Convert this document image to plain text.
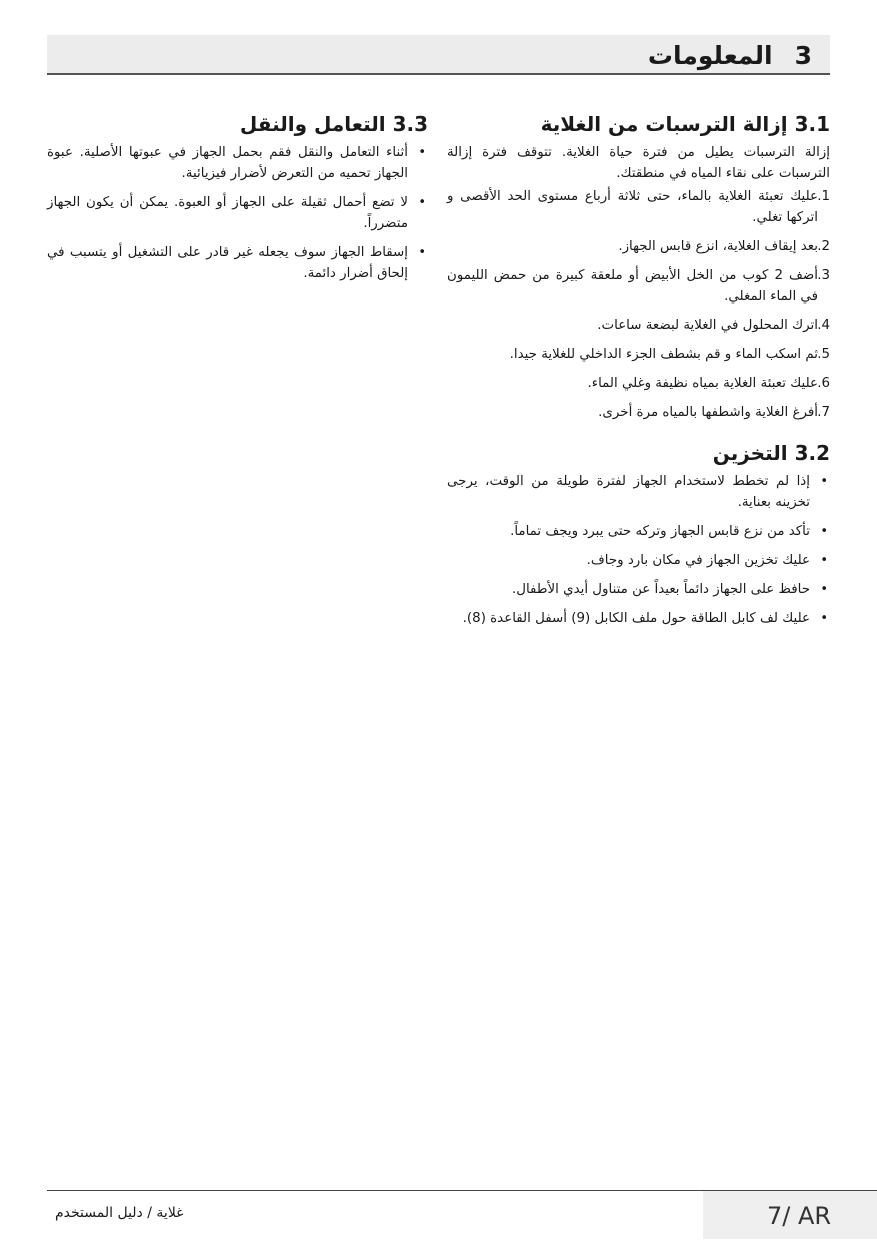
3المعلومات
3.1 إزالة الترسبات من الغلاية

إزالة الترسبات يطيل من فترة حياة الغلاية. تتوقف فترة إزالة الترسبات على نقاء المياه في منطقتك.

1.
عليك تعبئة الغلاية بالماء، حتى ثلاثة أرباع مستوى الحد الأقصى و اتركها تغلي.
2.
بعد إيقاف الغلاية، انزع قابس الجهاز.
3.
أضف 2 كوب من الخل الأبيض أو ملعقة كبيرة من حمض الليمون في الماء المغلي.
4.
اترك المحلول في الغلاية لبضعة ساعات.
5.
ثم اسكب الماء و قم بشطف الجزء الداخلي للغلاية جيدا.
6.
عليك تعبئة الغلاية بمياه نظيفة وغلي الماء.
7.
أفرغ الغلاية واشطفها بالمياه مرة أخرى.
3.2 التخزين
• إذا لم تخطط لاستخدام الجهاز لفترة طويلة من الوقت، يرجى تخزينه بعناية.
• تأكد من نزع قابس الجهاز وتركه حتى يبرد ويجف تماماً.
• عليك تخزين الجهاز في مكان بارد وجاف.
• حافظ على الجهاز دائماً بعيداً عن متناول أيدي الأطفال.
• عليك لف كابل الطاقة حول ملف الكابل (9) أسفل القاعدة (8).
3.3 التعامل والنقل
• أثناء التعامل والنقل فقم بحمل الجهاز في عبوتها الأصلية. عبوة الجهاز تحميه من التعرض لأضرار فيزيائية.
• لا تضع أحمال ثقيلة على الجهاز أو العبوة. يمكن أن يكون الجهاز متضرراً.
• إسقاط الجهاز سوف يجعله غير قادر على التشغيل أو يتسبب في إلحاق أضرار دائمة.
غلاية / دليل المستخدم	7/ AR
